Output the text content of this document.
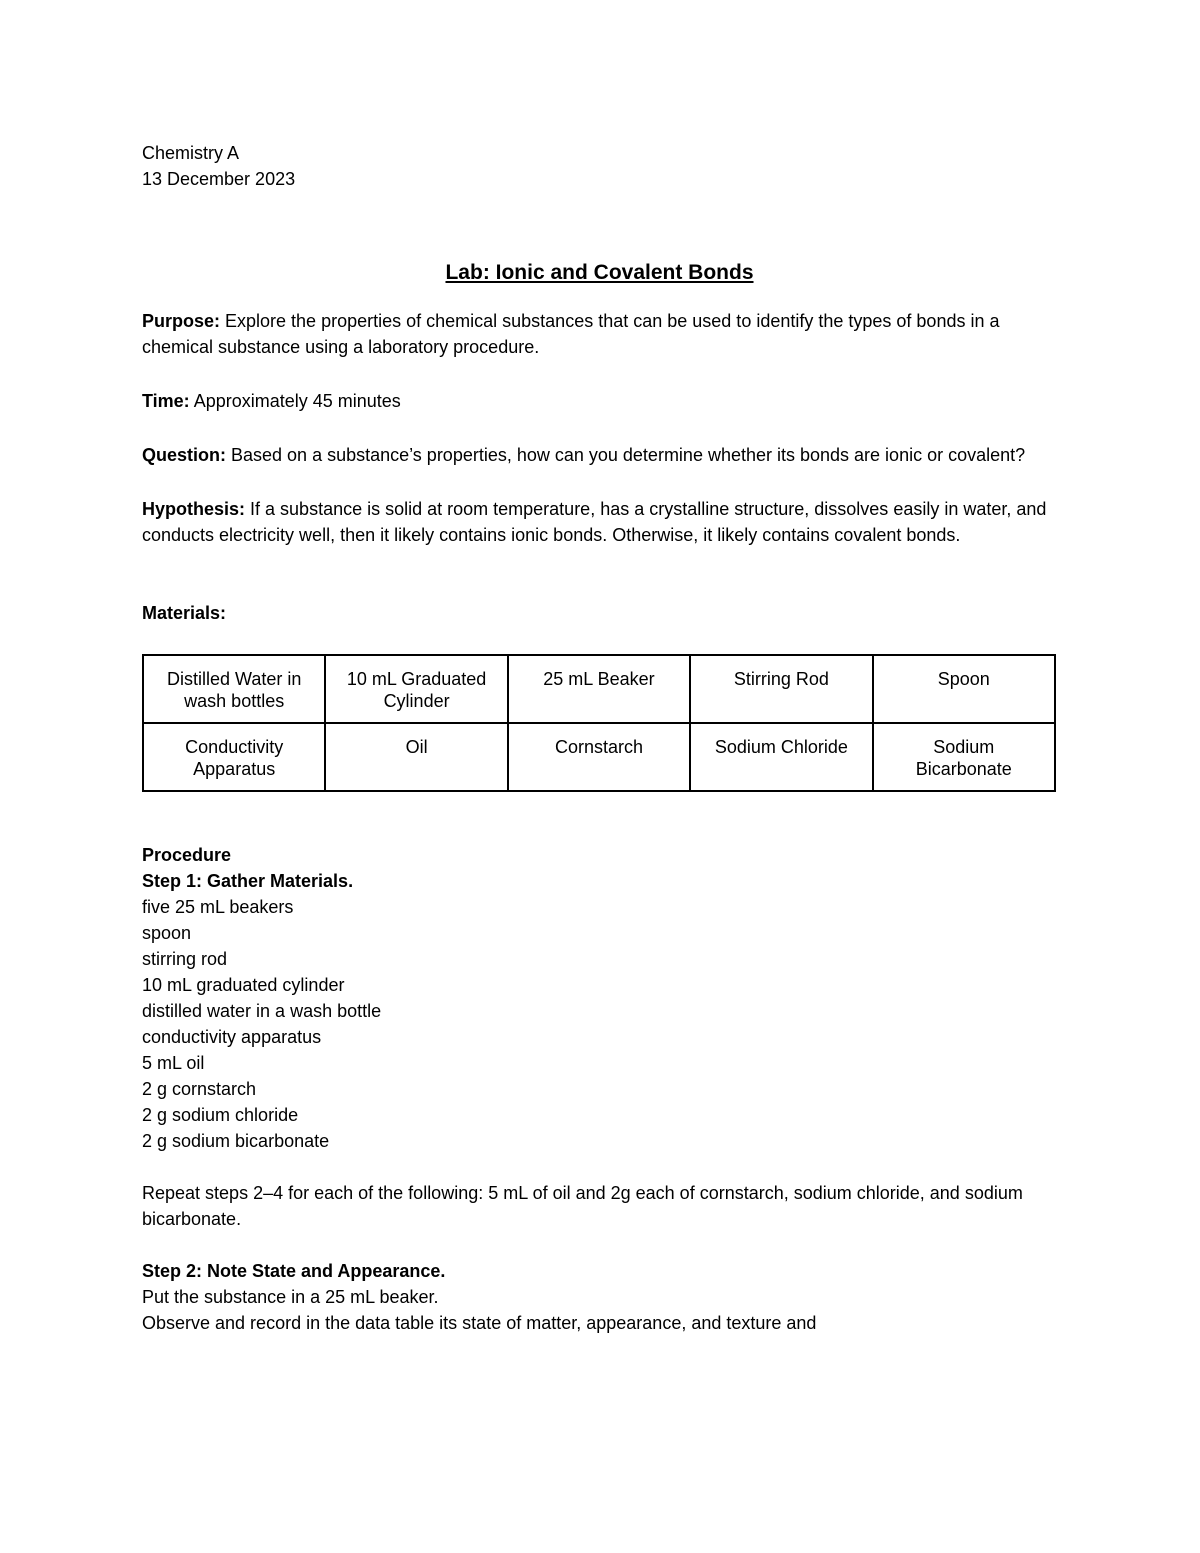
Chemistry A

13 December 2023

Lab: Ionic and Covalent Bonds

Purpose: Explore the properties of chemical substances that can be used to identify the types of bonds in a chemical substance using a laboratory procedure.

Time: Approximately 45 minutes

Question: Based on a substance’s properties, how can you determine whether its bonds are ionic or covalent?

Hypothesis: If a substance is solid at room temperature, has a crystalline structure, dissolves easily in water, and conducts electricity well, then it likely contains ionic bonds. Otherwise, it likely contains covalent bonds.

Materials:

Distilled Water in wash bottles	10 mL Graduated Cylinder	25 mL Beaker	Stirring Rod	Spoon
Conductivity Apparatus	Oil	Cornstarch	Sodium Chloride	Sodium Bicarbonate

Procedure

Step 1: Gather Materials.

five 25 mL beakers

spoon

stirring rod

10 mL graduated cylinder

distilled water in a wash bottle

conductivity apparatus

5 mL oil

2 g cornstarch

2 g sodium chloride

2 g sodium bicarbonate

Repeat steps 2–4 for each of the following: 5 mL of oil and 2g each of cornstarch, sodium chloride, and sodium bicarbonate.

Step 2: Note State and Appearance.

Put the substance in a 25 mL beaker.

Observe and record in the data table its state of matter, appearance, and texture and
